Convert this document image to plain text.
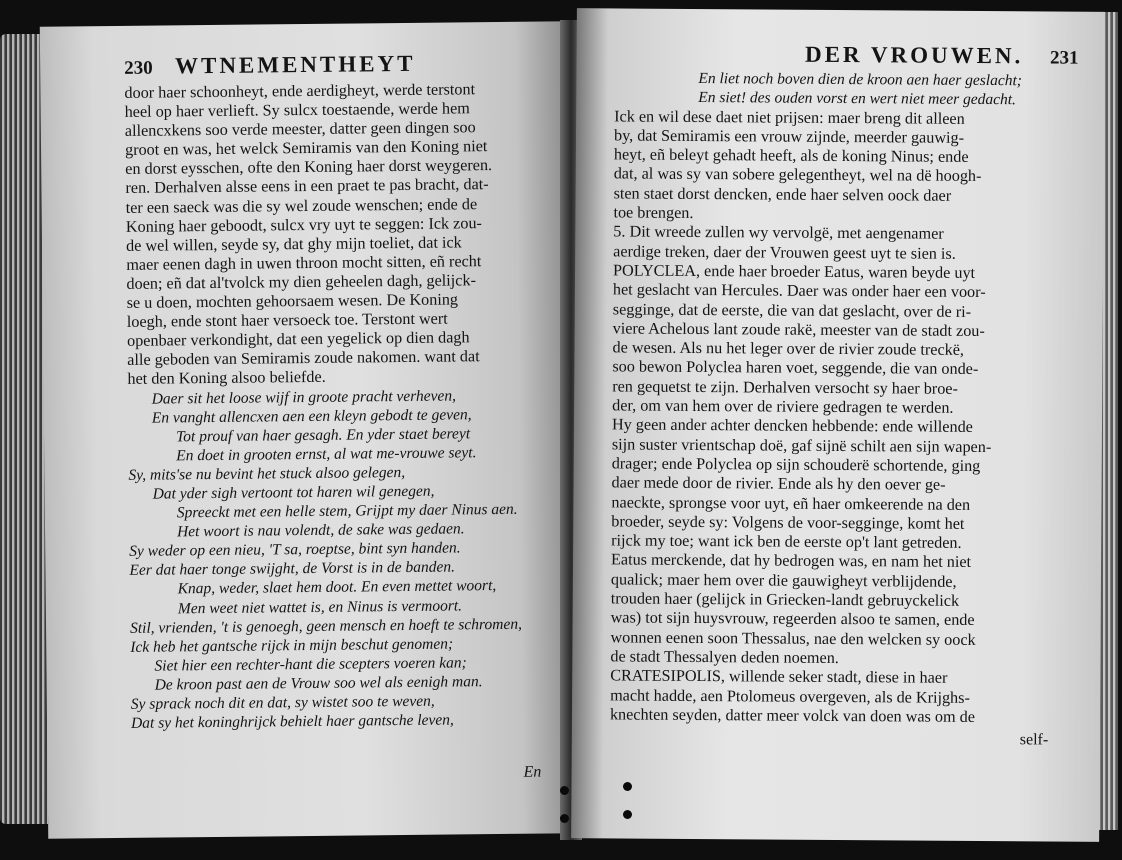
230 WTNEMENTHEYT
door haer schoonheyt, ende aerdigheyt, werde terstont
heel op haer verlieft. Sy sulcx toestaende, werde hem
allencxkens soo verde meester, datter geen dingen soo
groot en was, het welck Semiramis van den Koning niet
en dorst eysschen, ofte den Koning haer dorst weygeren.
ren. Derhalven alsse eens in een praet te pas bracht, dat-
ter een saeck was die sy wel zoude wenschen; ende de
Koning haer geboodt, sulcx vry uyt te seggen: Ick zou-
de wel willen, seyde sy, dat ghy mijn toeliet, dat ick
maer eenen dagh in uwen throon mocht sitten, eñ recht
doen; eñ dat al'tvolck my dien geheelen dagh, gelijck-
se u doen, mochten gehoorsaem wesen. De Koning
loegh, ende stont haer versoeck toe. Terstont wert
openbaer verkondight, dat een yegelick op dien dagh
alle geboden van Semiramis zoude nakomen. want dat
het den Koning alsoo beliefde.
Daer sit het loose wijf in groote pracht verheven,
En vanght allencxen aen een kleyn gebodt te geven,
Tot prouf van haer gesagh. En yder staet bereyt
En doet in grooten ernst, al wat me-vrouwe seyt.
Sy, mits'se nu bevint het stuck alsoo gelegen,
Dat yder sigh vertoont tot haren wil genegen,
Spreeckt met een helle stem, Grijpt my daer Ninus aen.
Het woort is nau volendt, de sake was gedaen.
Sy weder op een nieu, 'T sa, roeptse, bint syn handen.
Eer dat haer tonge swijght, de Vorst is in de banden.
Knap, weder, slaet hem doot. En even mettet woort,
Men weet niet wattet is, en Ninus is vermoort.
Stil, vrienden, 't is genoegh, geen mensch en hoeft te schromen,
Ick heb het gantsche rijck in mijn beschut genomen;
Siet hier een rechter-hant die scepters voeren kan;
De kroon past aen de Vrouw soo wel als eenigh man.
Sy sprack noch dit en dat, sy wistet soo te weven,
Dat sy het koninghrijck behielt haer gantsche leven,
En
DER VROUWEN. 231
En liet noch boven dien de kroon aen haer geslacht;
En siet! des ouden vorst en wert niet meer gedacht.
Ick en wil dese daet niet prijsen: maer breng dit alleen
by, dat Semiramis een vrouw zijnde, meerder gauwig-
heyt, eñ beleyt gehadt heeft, als de koning Ninus; ende
dat, al was sy van sobere gelegentheyt, wel na dë hoogh-
sten staet dorst dencken, ende haer selven oock daer
toe brengen.
5. Dit wreede zullen wy vervolgë, met aengenamer
aerdige treken, daer der Vrouwen geest uyt te sien is.
POLYCLEA, ende haer broeder Eatus, waren beyde uyt
het geslacht van Hercules. Daer was onder haer een voor-
seggingе, dat de eerste, die van dat geslacht, over de ri-
viere Achelous lant zoude rakë, meester van de stadt zou-
de wesen. Als nu het leger over de rivier zoude treckë,
soo bewon Polyclea haren voet, seggende, die van onde-
ren gequetst te zijn. Derhalven versocht sy haer broe-
der, om van hem over de riviere gedragen te werden.
Hy geen ander achter dencken hebbende: ende willende
sijn suster vrientschap doë, gaf sijnë schilt aen sijn wapen-
drager; ende Polyclea op sijn schouderë schortende, ging
daer mede door de rivier. Ende als hy den oever ge-
naeckte, sprongse voor uyt, eñ haer omkeerende na den
broeder, seyde sy: Volgens de voor-seggingе, komt het
rijck my toe; want ick ben de eerste op't lant getreden.
Eatus merckende, dat hy bedrogen was, en nam het niet
qualick; maer hem over die gauwigheyt verblijdende,
trouden haer (gelijck in Griecken-landt gebruyckelick
was) tot sijn huysvrouw, regeerden alsoo te samen, ende
wonnen eenen soon Thessalus, nae den welcken sy oock
de stadt Thessalyen deden noemen.
CRATESIPOLIS, willende seker stadt, diese in haer
macht hadde, aen Ptolomeus overgeven, als de Krijghs-
knechten seyden, datter meer volck van doen was om de
self-
